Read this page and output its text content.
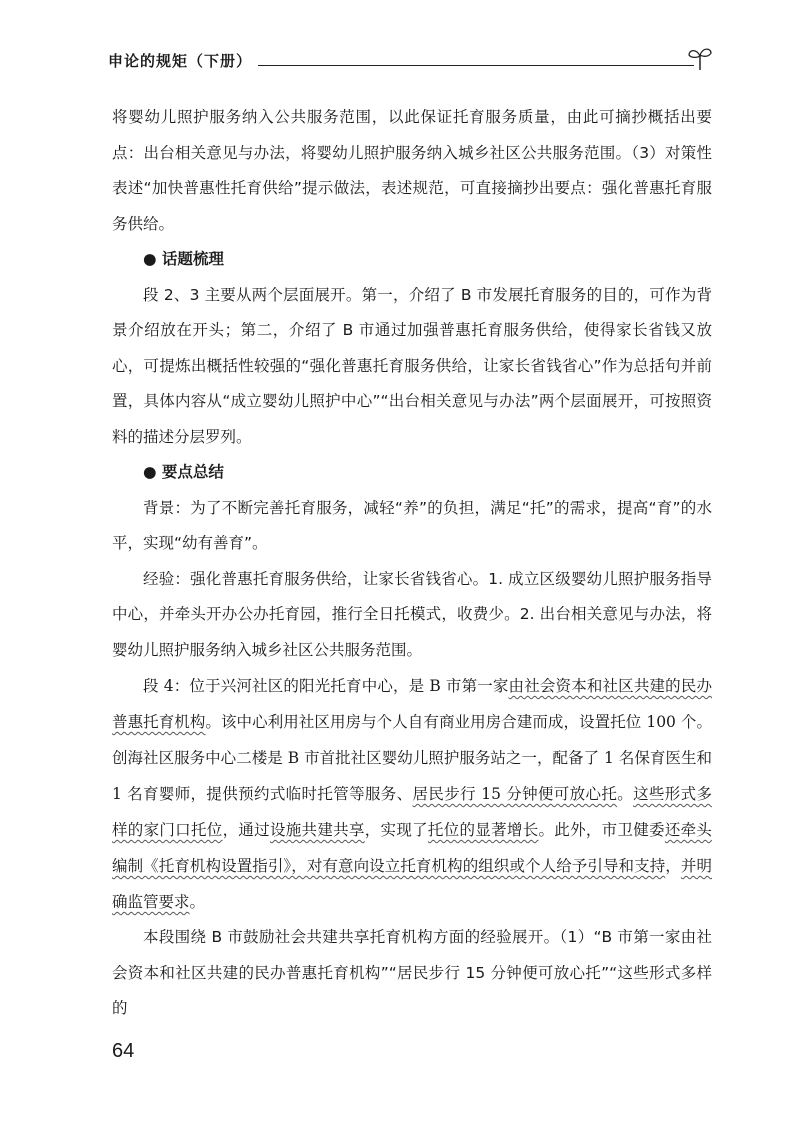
申论的规矩（下册）

将婴幼儿照护服务纳入公共服务范围，以此保证托育服务质量，由此可摘抄概括出要点：出台相关意见与办法，将婴幼儿照护服务纳入城乡社区公共服务范围。（3）对策性表述“加快普惠性托育供给”提示做法，表述规范，可直接摘抄出要点：强化普惠托育服务供给。

● 话题梳理

段 2、3 主要从两个层面展开。第一，介绍了 B 市发展托育服务的目的，可作为背景介绍放在开头；第二，介绍了 B 市通过加强普惠托育服务供给，使得家长省钱又放心，可提炼出概括性较强的“强化普惠托育服务供给，让家长省钱省心”作为总括句并前置，具体内容从“成立婴幼儿照护中心”“出台相关意见与办法”两个层面展开，可按照资料的描述分层罗列。

● 要点总结

背景：为了不断完善托育服务，减轻“养”的负担，满足“托”的需求，提高“育”的水平，实现“幼有善育”。

经验：强化普惠托育服务供给，让家长省钱省心。1. 成立区级婴幼儿照护服务指导中心，并牵头开办公办托育园，推行全日托模式，收费少。2. 出台相关意见与办法，将婴幼儿照护服务纳入城乡社区公共服务范围。

段 4：位于兴河社区的阳光托育中心，是 B 市第一家由社会资本和社区共建的民办普惠托育机构。该中心利用社区用房与个人自有商业用房合建而成，设置托位 100 个。创海社区服务中心二楼是 B 市首批社区婴幼儿照护服务站之一，配备了 1 名保育医生和 1 名育婴师，提供预约式临时托管等服务、居民步行 15 分钟便可放心托。这些形式多样的家门口托位，通过设施共建共享，实现了托位的显著增长。此外，市卫健委还牵头编制《托育机构设置指引》，对有意向设立托育机构的组织或个人给予引导和支持，并明确监管要求。

本段围绕 B 市鼓励社会共建共享托育机构方面的经验展开。（1）“B 市第一家由社会资本和社区共建的民办普惠托育机构”“居民步行 15 分钟便可放心托”“这些形式多样的

64
